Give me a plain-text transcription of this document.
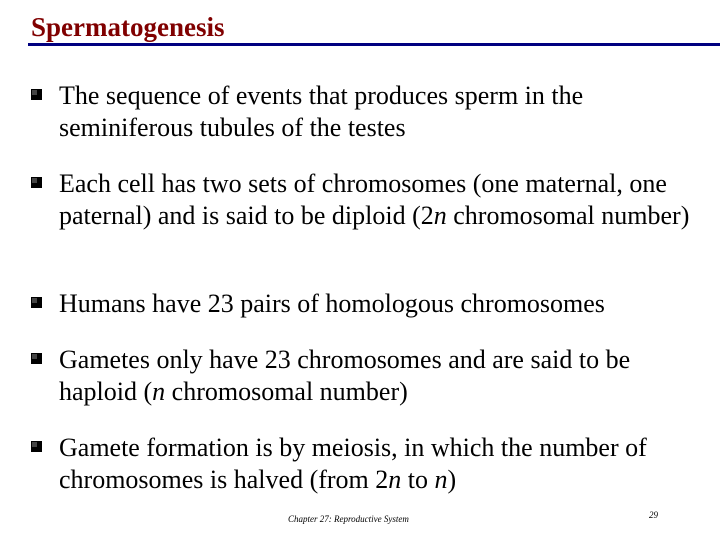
Spermatogenesis
The sequence of events that produces sperm in the seminiferous tubules of the testes
Each cell has two sets of chromosomes (one maternal, one paternal) and is said to be diploid (2n chromosomal number)
Humans have 23 pairs of homologous chromosomes
Gametes only have 23 chromosomes and are said to be haploid (n chromosomal number)
Gamete formation is by meiosis, in which the number of chromosomes is halved (from 2n to n)
Chapter 27: Reproductive System	29
